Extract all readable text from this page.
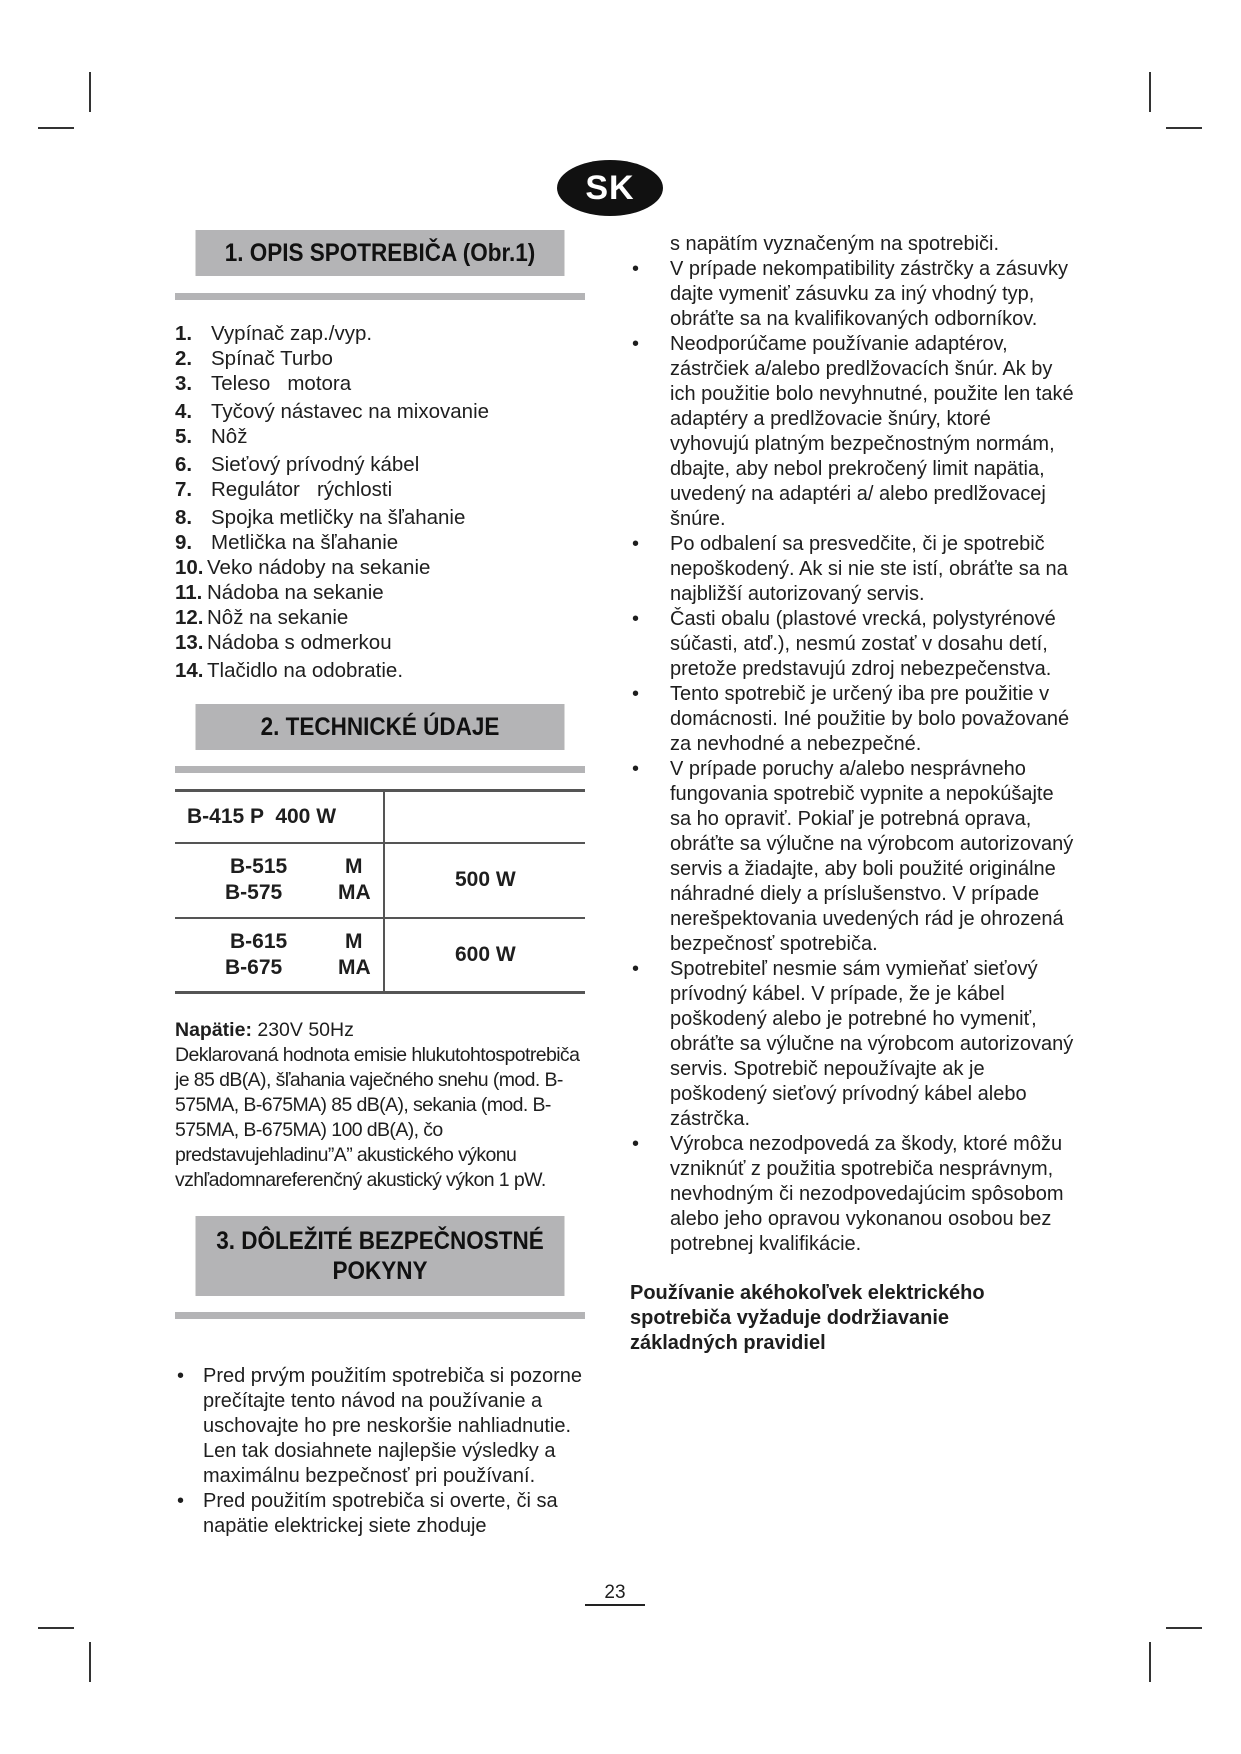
SK
1. OPIS SPOTREBIČA (Obr.1)
1. Vypínač zap./vyp.
2. Spínač Turbo
3. Teleso   motora
4. Tyčový nástavec na mixovanie
5. Nôž
6. Sieťový prívodný kábel
7. Regulátor   rýchlosti
8. Spojka metličky na šľahanie
9. Metlička na šľahanie
10. Veko nádoby na sekanie
11. Nádoba na sekanie
12. Nôž na sekanie
13. Nádoba s odmerkou
14. Tlačidlo na odobratie.
2. TECHNICKÉ ÚDAJE
B-415 P  400 W	

B-515 M
B-575 MA	500 W

B-615 M
B-675 MA	600 W
Napätie: 230V 50Hz
Deklarovaná hodnota emisie hlukutohtospotrebiča je 85 dB(A), šľahania vaječného snehu (mod. B-575MA, B-675MA) 85 dB(A), sekania (mod. B-575MA, B-675MA) 100 dB(A), čo predstavujehladinu”A” akustického výkonu vzhľadomnareferenčný akustický výkon 1 pW.
3. DÔLEŽITÉ BEZPEČNOSTNÉ
POKYNY
• Pred prvým použitím spotrebiča si pozorne prečítajte tento návod na používanie a uschovajte ho pre neskoršie nahliadnutie. Len tak dosiahnete najlepšie výsledky a maximálnu bezpečnosť pri používaní.
• Pred použitím spotrebiča si overte, či sa napätie elektrickej siete zhoduje
s napätím vyznačeným na spotrebiči.
• V prípade nekompatibility zástrčky a zásuvky dajte vymeniť zásuvku za iný vhodný typ, obráťte sa na kvalifikovaných odborníkov.
• Neodporúčame používanie adaptérov, zástrčiek a/alebo predlžovacích šnúr. Ak by ich použitie bolo nevyhnutné, použite len také adaptéry a predlžovacie šnúry, ktoré vyhovujú platným bezpečnostným normám, dbajte, aby nebol prekročený limit napätia, uvedený na adaptéri a/ alebo predlžovacej šnúre.
• Po odbalení sa presvedčite, či je spotrebič nepoškodený. Ak si nie ste istí, obráťte sa na najbližší autorizovaný servis.
• Časti obalu (plastové vrecká, polystyrénové súčasti, atď.), nesmú zostať v dosahu detí, pretože predstavujú zdroj nebezpečenstva.
• Tento spotrebič je určený iba pre použitie v domácnosti. Iné použitie by bolo považované za nevhodné a nebezpečné.
• V prípade poruchy a/alebo nesprávneho fungovania spotrebič vypnite a nepokúšajte sa ho opraviť. Pokiaľ je potrebná oprava, obráťte sa výlučne na výrobcom autorizovaný servis a žiadajte, aby boli použité originálne náhradné diely a príslušenstvo. V prípade nerešpektovania uvedených rád je ohrozená bezpečnosť spotrebiča.
• Spotrebiteľ nesmie sám vymieňať sieťový prívodný kábel. V prípade, že je kábel poškodený alebo je potrebné ho vymeniť, obráťte sa výlučne na výrobcom autorizovaný servis. Spotrebič nepoužívajte ak je poškodený sieťový prívodný kábel alebo zástrčka.
• Výrobca nezodpovedá za škody, ktoré môžu vzniknúť z použitia spotrebiča nesprávnym, nevhodným či nezodpovedajúcim spôsobom alebo jeho opravou vykonanou osobou bez potrebnej kvalifikácie.
Používanie akéhokoľvek elektrického spotrebiča vyžaduje dodržiavanie základných pravidiel
23
